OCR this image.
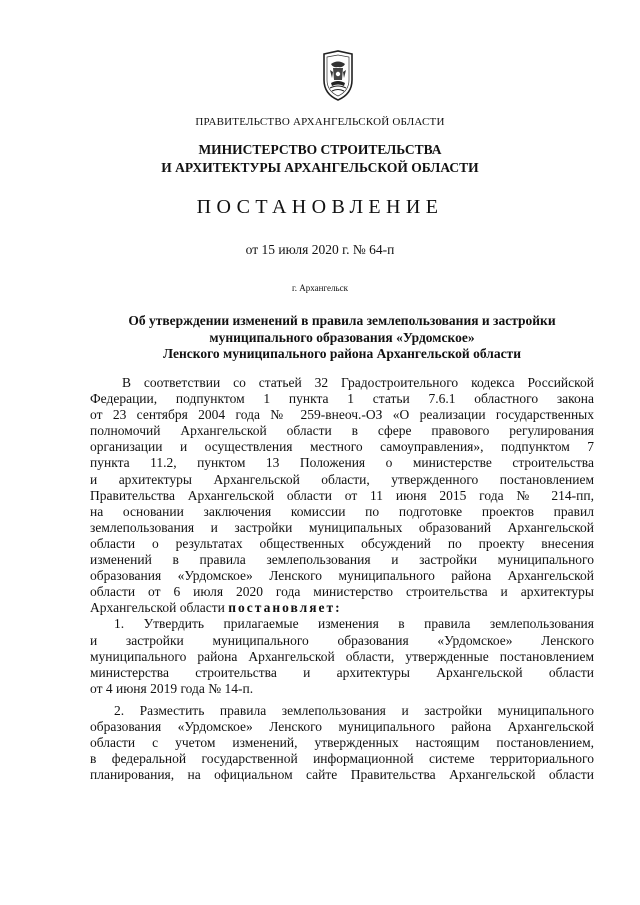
ПРАВИТЕЛЬСТВО АРХАНГЕЛЬСКОЙ ОБЛАСТИ
МИНИСТЕРСТВО СТРОИТЕЛЬСТВА
И АРХИТЕКТУРЫ АРХАНГЕЛЬСКОЙ ОБЛАСТИ
ПОСТАНОВЛЕНИЕ
от 15 июля 2020 г. № 64-п
г. Архангельск
Об утверждении изменений в правила землепользования и застройки
муниципального образования «Урдомское»
Ленского муниципального района Архангельской области
В соответствии со статьей 32 Градостроительного кодекса Российской
Федерации, подпунктом 1 пункта 1 статьи 7.6.1 областного закона
от 23 сентября 2004 года № 259-внеоч.-ОЗ «О реализации государственных
полномочий Архангельской области в сфере правового регулирования
организации и осуществления местного самоуправления», подпунктом 7
пункта 11.2, пунктом 13 Положения о министерстве строительства
и архитектуры Архангельской области, утвержденного постановлением
Правительства Архангельской области от 11 июня 2015 года № 214-пп,
на основании заключения комиссии по подготовке проектов правил
землепользования и застройки муниципальных образований Архангельской
области о результатах общественных обсуждений по проекту внесения
изменений в правила землепользования и застройки муниципального
образования «Урдомское» Ленского муниципального района Архангельской
области от 6 июля 2020 года министерство строительства и архитектуры
Архангельской области постановляет:
1. Утвердить прилагаемые изменения в правила землепользования
и застройки муниципального образования «Урдомское» Ленского
муниципального района Архангельской области, утвержденные постановлением
министерства строительства и архитектуры Архангельской области
от 4 июня 2019 года № 14-п.
2. Разместить правила землепользования и застройки муниципального
образования «Урдомское» Ленского муниципального района Архангельской
области с учетом изменений, утвержденных настоящим постановлением,
в федеральной государственной информационной системе территориального
планирования, на официальном сайте Правительства Архангельской области
